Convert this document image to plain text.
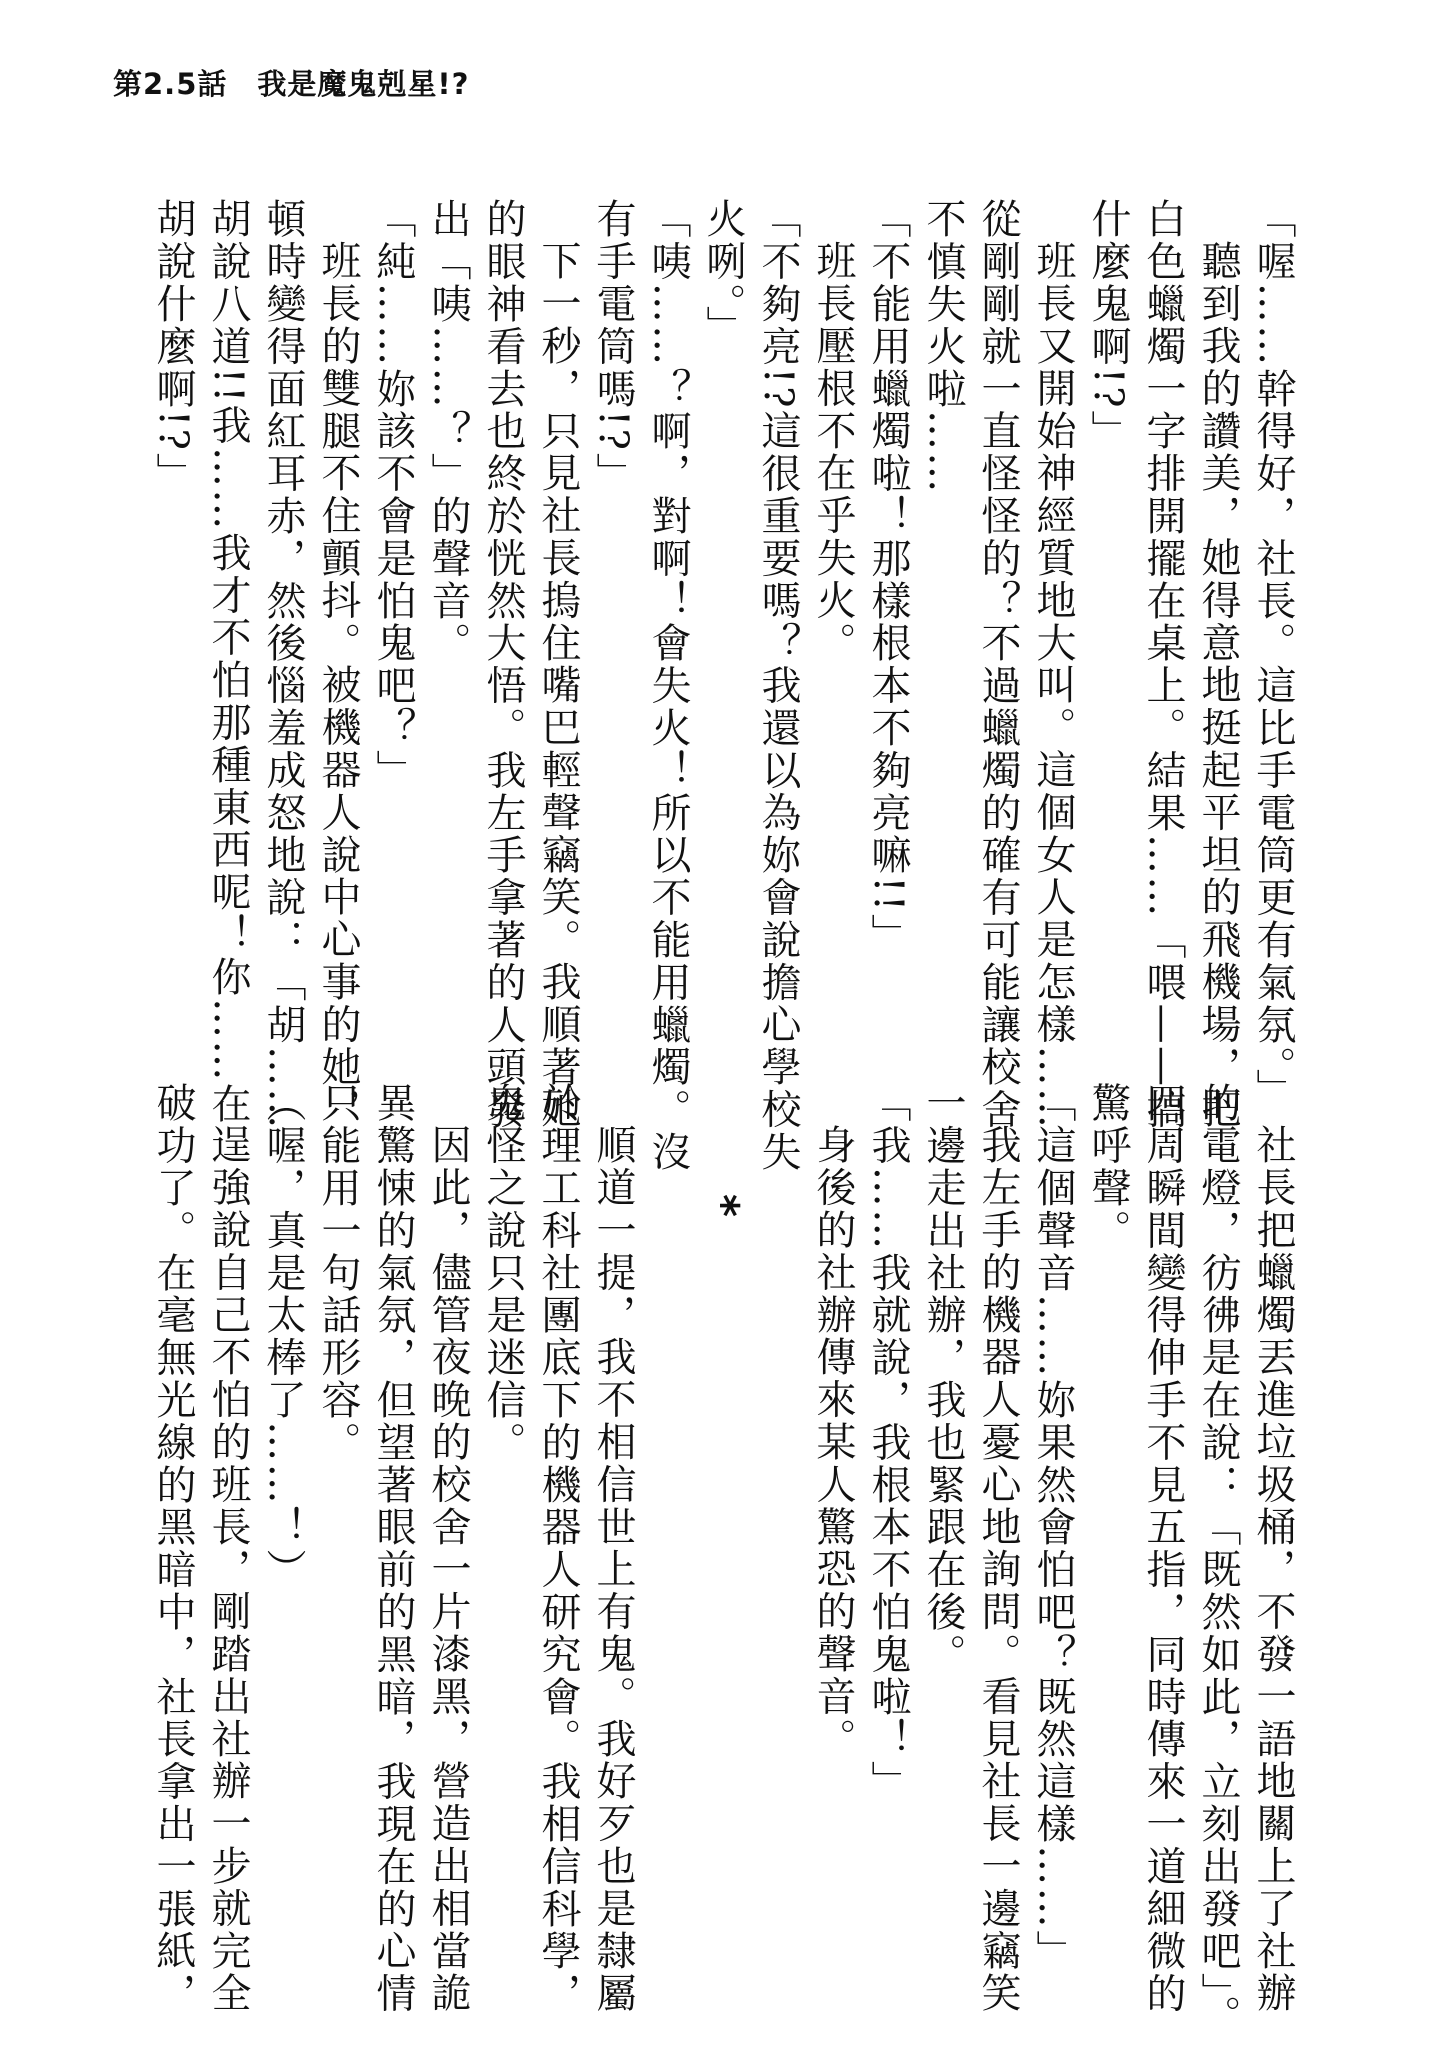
第2.5話　我是魔鬼剋星!?

「喔……幹得好，社長。這比手電筒更有氣氛。」

聽到我的讚美，她得意地挺起平坦的飛機場，把

白色蠟燭一字排開擺在桌上。結果……「喂——搞

什麼鬼啊!?」

班長又開始神經質地大叫。這個女人是怎樣……

從剛剛就一直怪怪的？不過蠟燭的確有可能讓校舍

不慎失火啦……

「不能用蠟燭啦！那樣根本不夠亮嘛!!」

班長壓根不在乎失火。

「不夠亮!?這很重要嗎？我還以為妳會說擔心學校失

火咧。」

「咦……？啊，對啊！會失火！所以不能用蠟燭。沒

有手電筒嗎!?」

下一秒，只見社長摀住嘴巴輕聲竊笑。我順著她

的眼神看去也終於恍然大悟。我左手拿著的人頭發

出「咦……？」的聲音。

「純……妳該不會是怕鬼吧？」

班長的雙腿不住顫抖。被機器人說中心事的她，

頓時變得面紅耳赤，然後惱羞成怒地說：「胡……

胡說八道!!我……我才不怕那種東西呢！你……在

胡說什麼啊!?」

社長把蠟燭丟進垃圾桶，不發一語地關上了社辦

的電燈，彷彿是在說：「既然如此，立刻出發吧」。

四周瞬間變得伸手不見五指，同時傳來一道細微的

驚呼聲。

「這個聲音……妳果然會怕吧？既然這樣……」

我左手的機器人憂心地詢問。看見社長一邊竊笑

一邊走出社辦，我也緊跟在後。

「我……我就說，我根本不怕鬼啦！」

身後的社辦傳來某人驚恐的聲音。

*

順道一提，我不相信世上有鬼。我好歹也是隸屬

於理工科社團底下的機器人研究會。我相信科學，

鬼怪之說只是迷信。

因此，儘管夜晚的校舍一片漆黑，營造出相當詭

異驚悚的氣氛，但望著眼前的黑暗，我現在的心情

只能用一句話形容。

（喔，真是太棒了……！）

逞強說自己不怕的班長，剛踏出社辦一步就完全

破功了。在毫無光線的黑暗中，社長拿出一張紙，
